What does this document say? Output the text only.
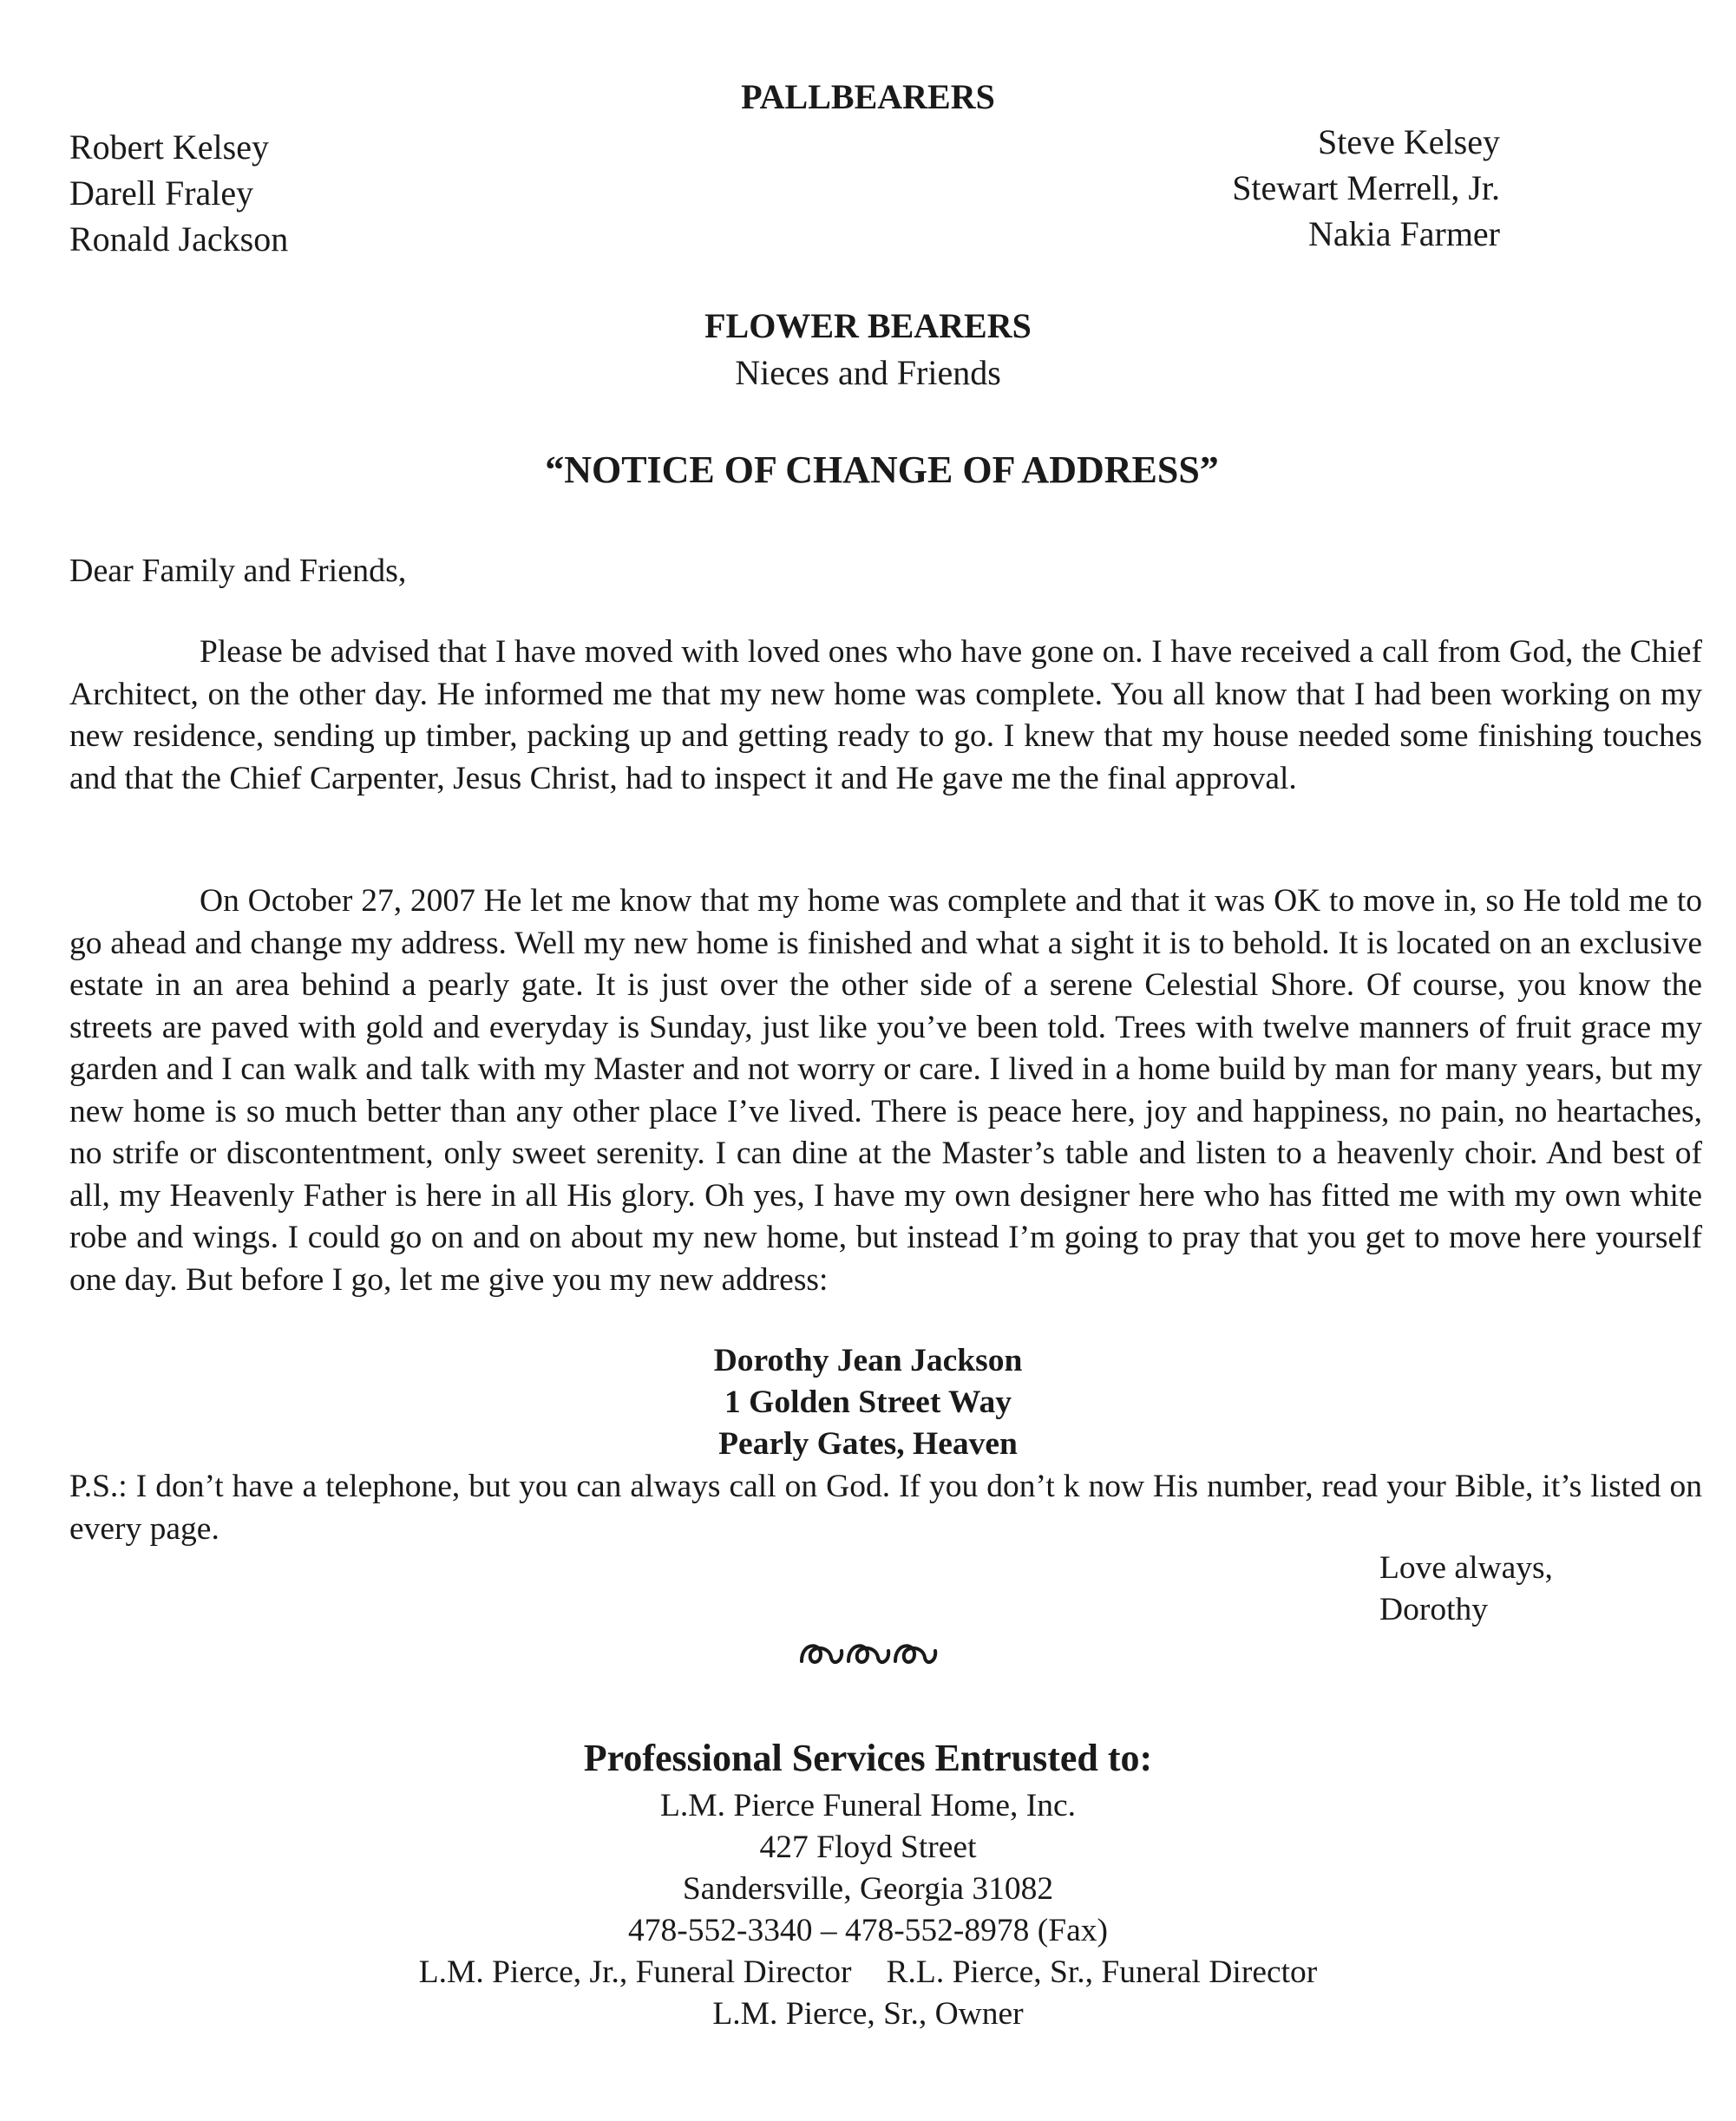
PALLBEARERS
Robert Kelsey
Darell Fraley
Ronald Jackson
Steve Kelsey
Stewart Merrell, Jr.
Nakia Farmer
FLOWER BEARERS
Nieces and Friends
“NOTICE OF CHANGE OF ADDRESS”
Dear Family and Friends,

Please be advised that I have moved with loved ones who have gone on. I have received a call from God, the Chief Architect, on the other day. He informed me that my new home was complete. You all know that I had been working on my new residence, sending up timber, packing up and getting ready to go. I knew that my house needed some finishing touches and that the Chief Carpenter, Jesus Christ, had to inspect it and He gave me the final approval.

On October 27, 2007 He let me know that my home was complete and that it was OK to move in, so He told me to go ahead and change my address. Well my new home is finished and what a sight it is to behold. It is located on an exclusive estate in an area behind a pearly gate. It is just over the other side of a serene Celestial Shore. Of course, you know the streets are paved with gold and everyday is Sunday, just like you’ve been told. Trees with twelve manners of fruit grace my garden and I can walk and talk with my Master and not worry or care. I lived in a home build by man for many years, but my new home is so much better than any other place I’ve lived. There is peace here, joy and happiness, no pain, no heartaches, no strife or discontentment, only sweet serenity. I can dine at the Master’s table and listen to a heavenly choir. And best of all, my Heavenly Father is here in all His glory. Oh yes, I have my own designer here who has fitted me with my own white robe and wings. I could go on and on about my new home, but instead I’m going to pray that you get to move here yourself one day. But before I go, let me give you my new address:

Dorothy Jean Jackson
1 Golden Street Way
Pearly Gates, Heaven
P.S.: I don’t have a telephone, but you can always call on God. If you don’t k now His number, read your Bible, it’s listed on every page.
Love always,
Dorothy
Professional Services Entrusted to:
L.M. Pierce Funeral Home, Inc.
427 Floyd Street
Sandersville, Georgia 31082
478-552-3340 – 478-552-8978 (Fax)
L.M. Pierce, Jr., Funeral Director R.L. Pierce, Sr., Funeral Director
L.M. Pierce, Sr., Owner
